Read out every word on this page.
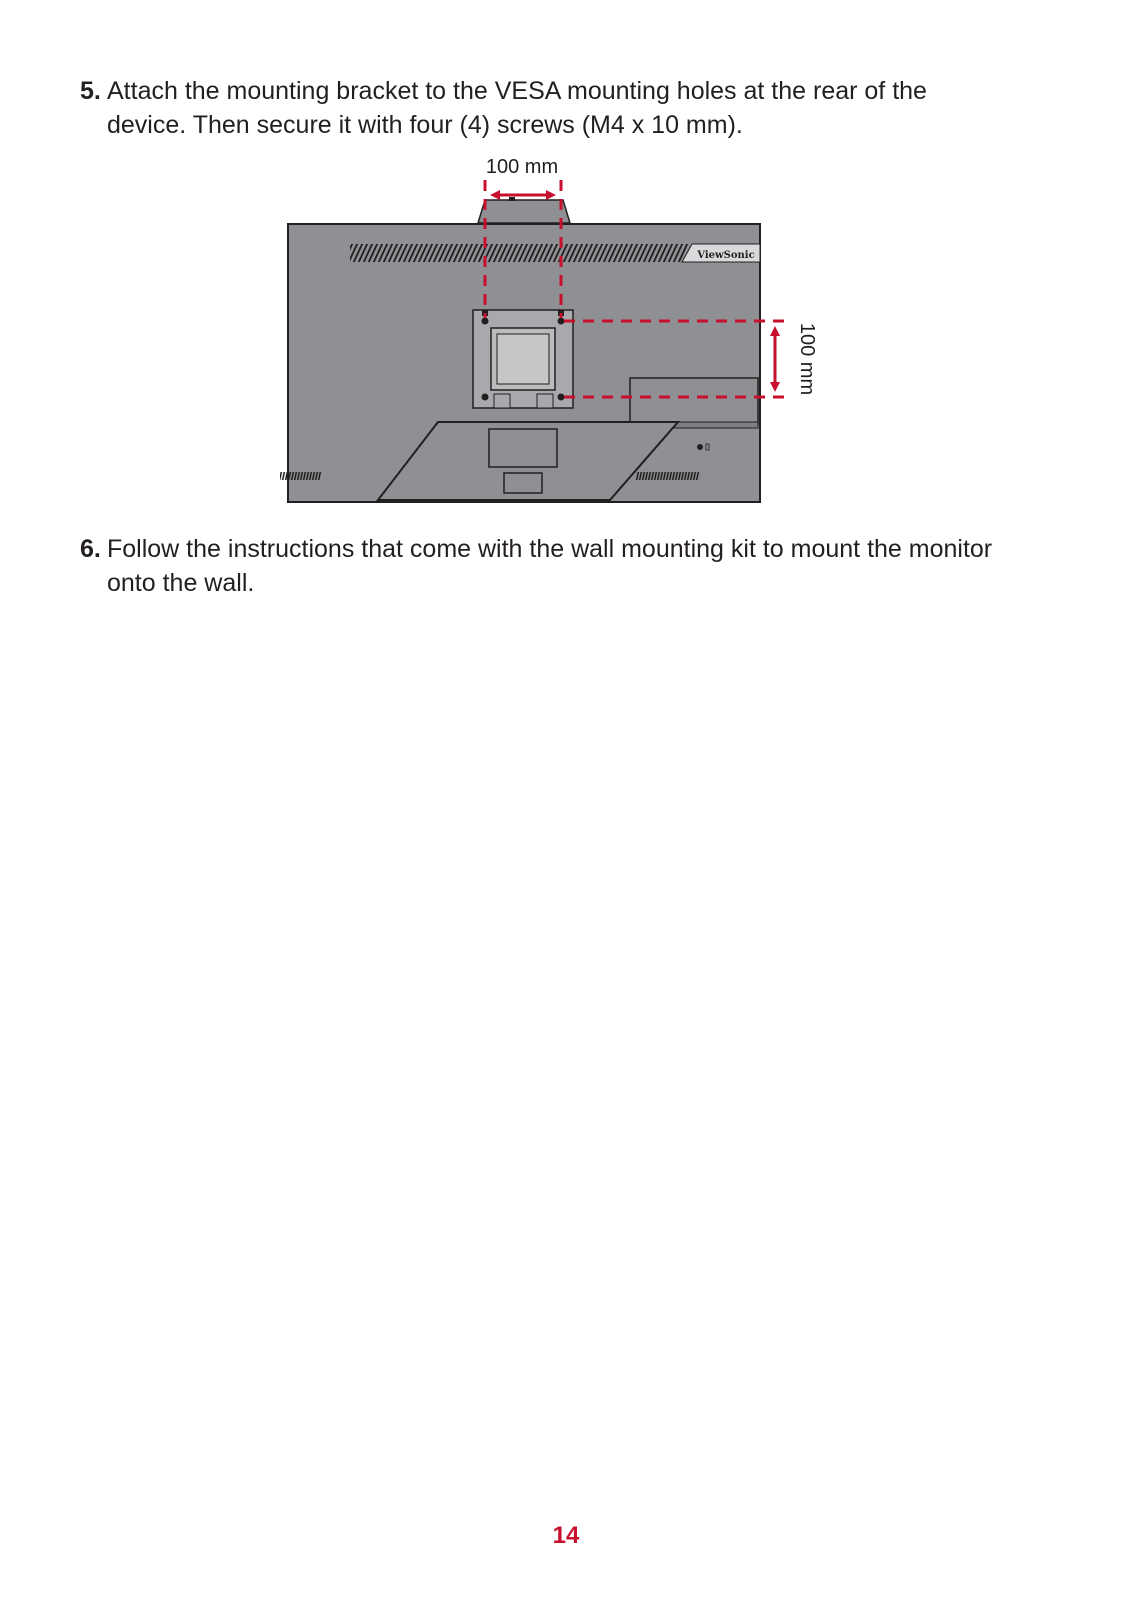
5. Attach the mounting bracket to the VESA mounting holes at the rear of the device. Then secure it with four (4) screws (M4 x 10 mm).
100 mm
ViewSonic
100 mm
6. Follow the instructions that come with the wall mounting kit to mount the monitor onto the wall.
14
